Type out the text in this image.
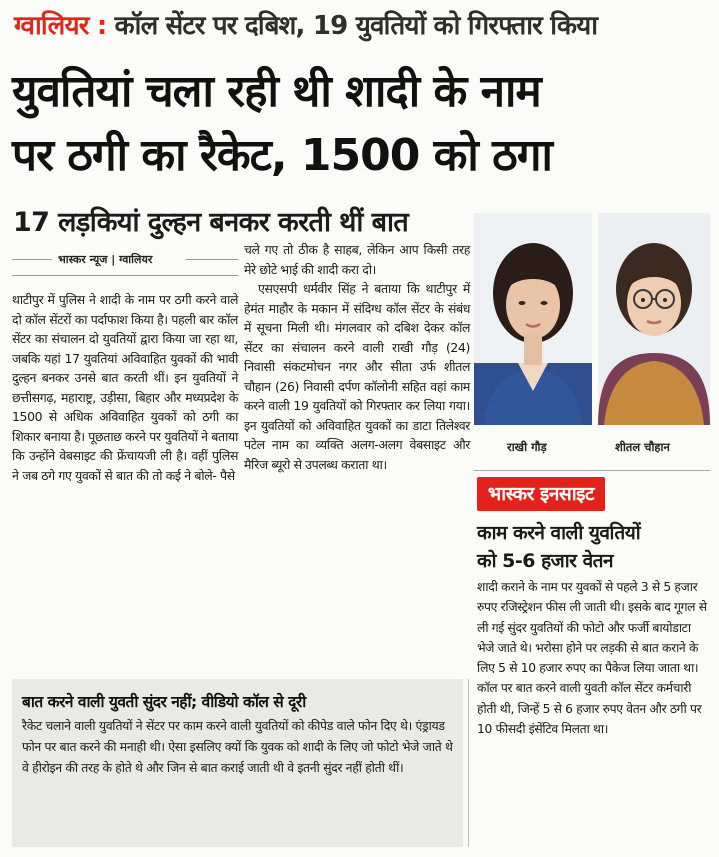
ग्वालियर : कॉल सेंटर पर दबिश, 19 युवतियों को गिरफ्तार किया
युवतियां चला रही थी शादी के नाम
पर ठगी का रैकेट, 1500 को ठगा
17 लड़कियां दुल्हन बनकर करती थीं बात
भास्कर न्यूज | ग्वालियर

थाटीपुर में पुलिस ने शादी के नाम पर ठगी करने वाले दो कॉल सेंटरों का पर्दाफाश किया है। पहली बार कॉल सेंटर का संचालन दो युवतियों द्वारा किया जा रहा था, जबकि यहां 17 युवतियां अविवाहित युवकों की भावी दुल्हन बनकर उनसे बात करती थीं। इन युवतियों ने छत्तीसगढ़, महाराष्ट्र, उड़ीसा, बिहार और मध्यप्रदेश के 1500 से अधिक अविवाहित युवकों को ठगी का शिकार बनाया है। पूछताछ करने पर युवतियों ने बताया कि उन्होंने वेबसाइट की फ्रेंचायजी ली है। वहीं पुलिस ने जब ठगे गए युवकों से बात की तो कई ने बोले- पैसे

चले गए तो ठीक है साहब, लेकिन आप किसी तरह मेरे छोटे भाई की शादी करा दो।

एसएसपी धर्मवीर सिंह ने बताया कि थाटीपुर में हेमंत माहौर के मकान में संदिग्ध कॉल सेंटर के संबंध में सूचना मिली थी। मंगलवार को दबिश देकर कॉल सेंटर का संचालन करने वाली राखी गौड़ (24) निवासी संकटमोचन नगर और सीता उर्फ शीतल चौहान (26) निवासी दर्पण कॉलोनी सहित वहां काम करने वाली 19 युवतियों को गिरफ्तार कर लिया गया। इन युवतियों को अविवाहित युवकों का डाटा तिलेश्वर पटेल नाम का व्यक्ति अलग-अलग वेबसाइट और मैरिज ब्यूरो से उपलब्ध कराता था।

राखी गौड़	शीतल चौहान
भास्कर इनसाइट
काम करने वाली युवतियों
को 5-6 हजार वेतन

शादी कराने के नाम पर युवकों से पहले 3 से 5 हजार रुपए रजिस्ट्रेशन फीस ली जाती थी। इसके बाद गूगल से ली गई सुंदर युवतियों की फोटो और फर्जी बायोडाटा भेजे जाते थे। भरोसा होने पर लड़की से बात कराने के लिए 5 से 10 हजार रुपए का पैकेज लिया जाता था। कॉल पर बात करने वाली युवती कॉल सेंटर कर्मचारी होती थी, जिन्हें 5 से 6 हजार रुपए वेतन और ठगी पर 10 फीसदी इंसेंटिव मिलता था।

बात करने वाली युवती सुंदर नहीं; वीडियो कॉल से दूरी

रैकेट चलाने वाली युवतियों ने सेंटर पर काम करने वाली युवतियों को कीपेड वाले फोन दिए थे। एंड्रायड फोन पर बात करने की मनाही थी। ऐसा इसलिए क्यों कि युवक को शादी के लिए जो फोटो भेजे जाते थे वे हीरोइन की तरह के होते थे और जिन से बात कराई जाती थी वे इतनी सुंदर नहीं होती थीं।
